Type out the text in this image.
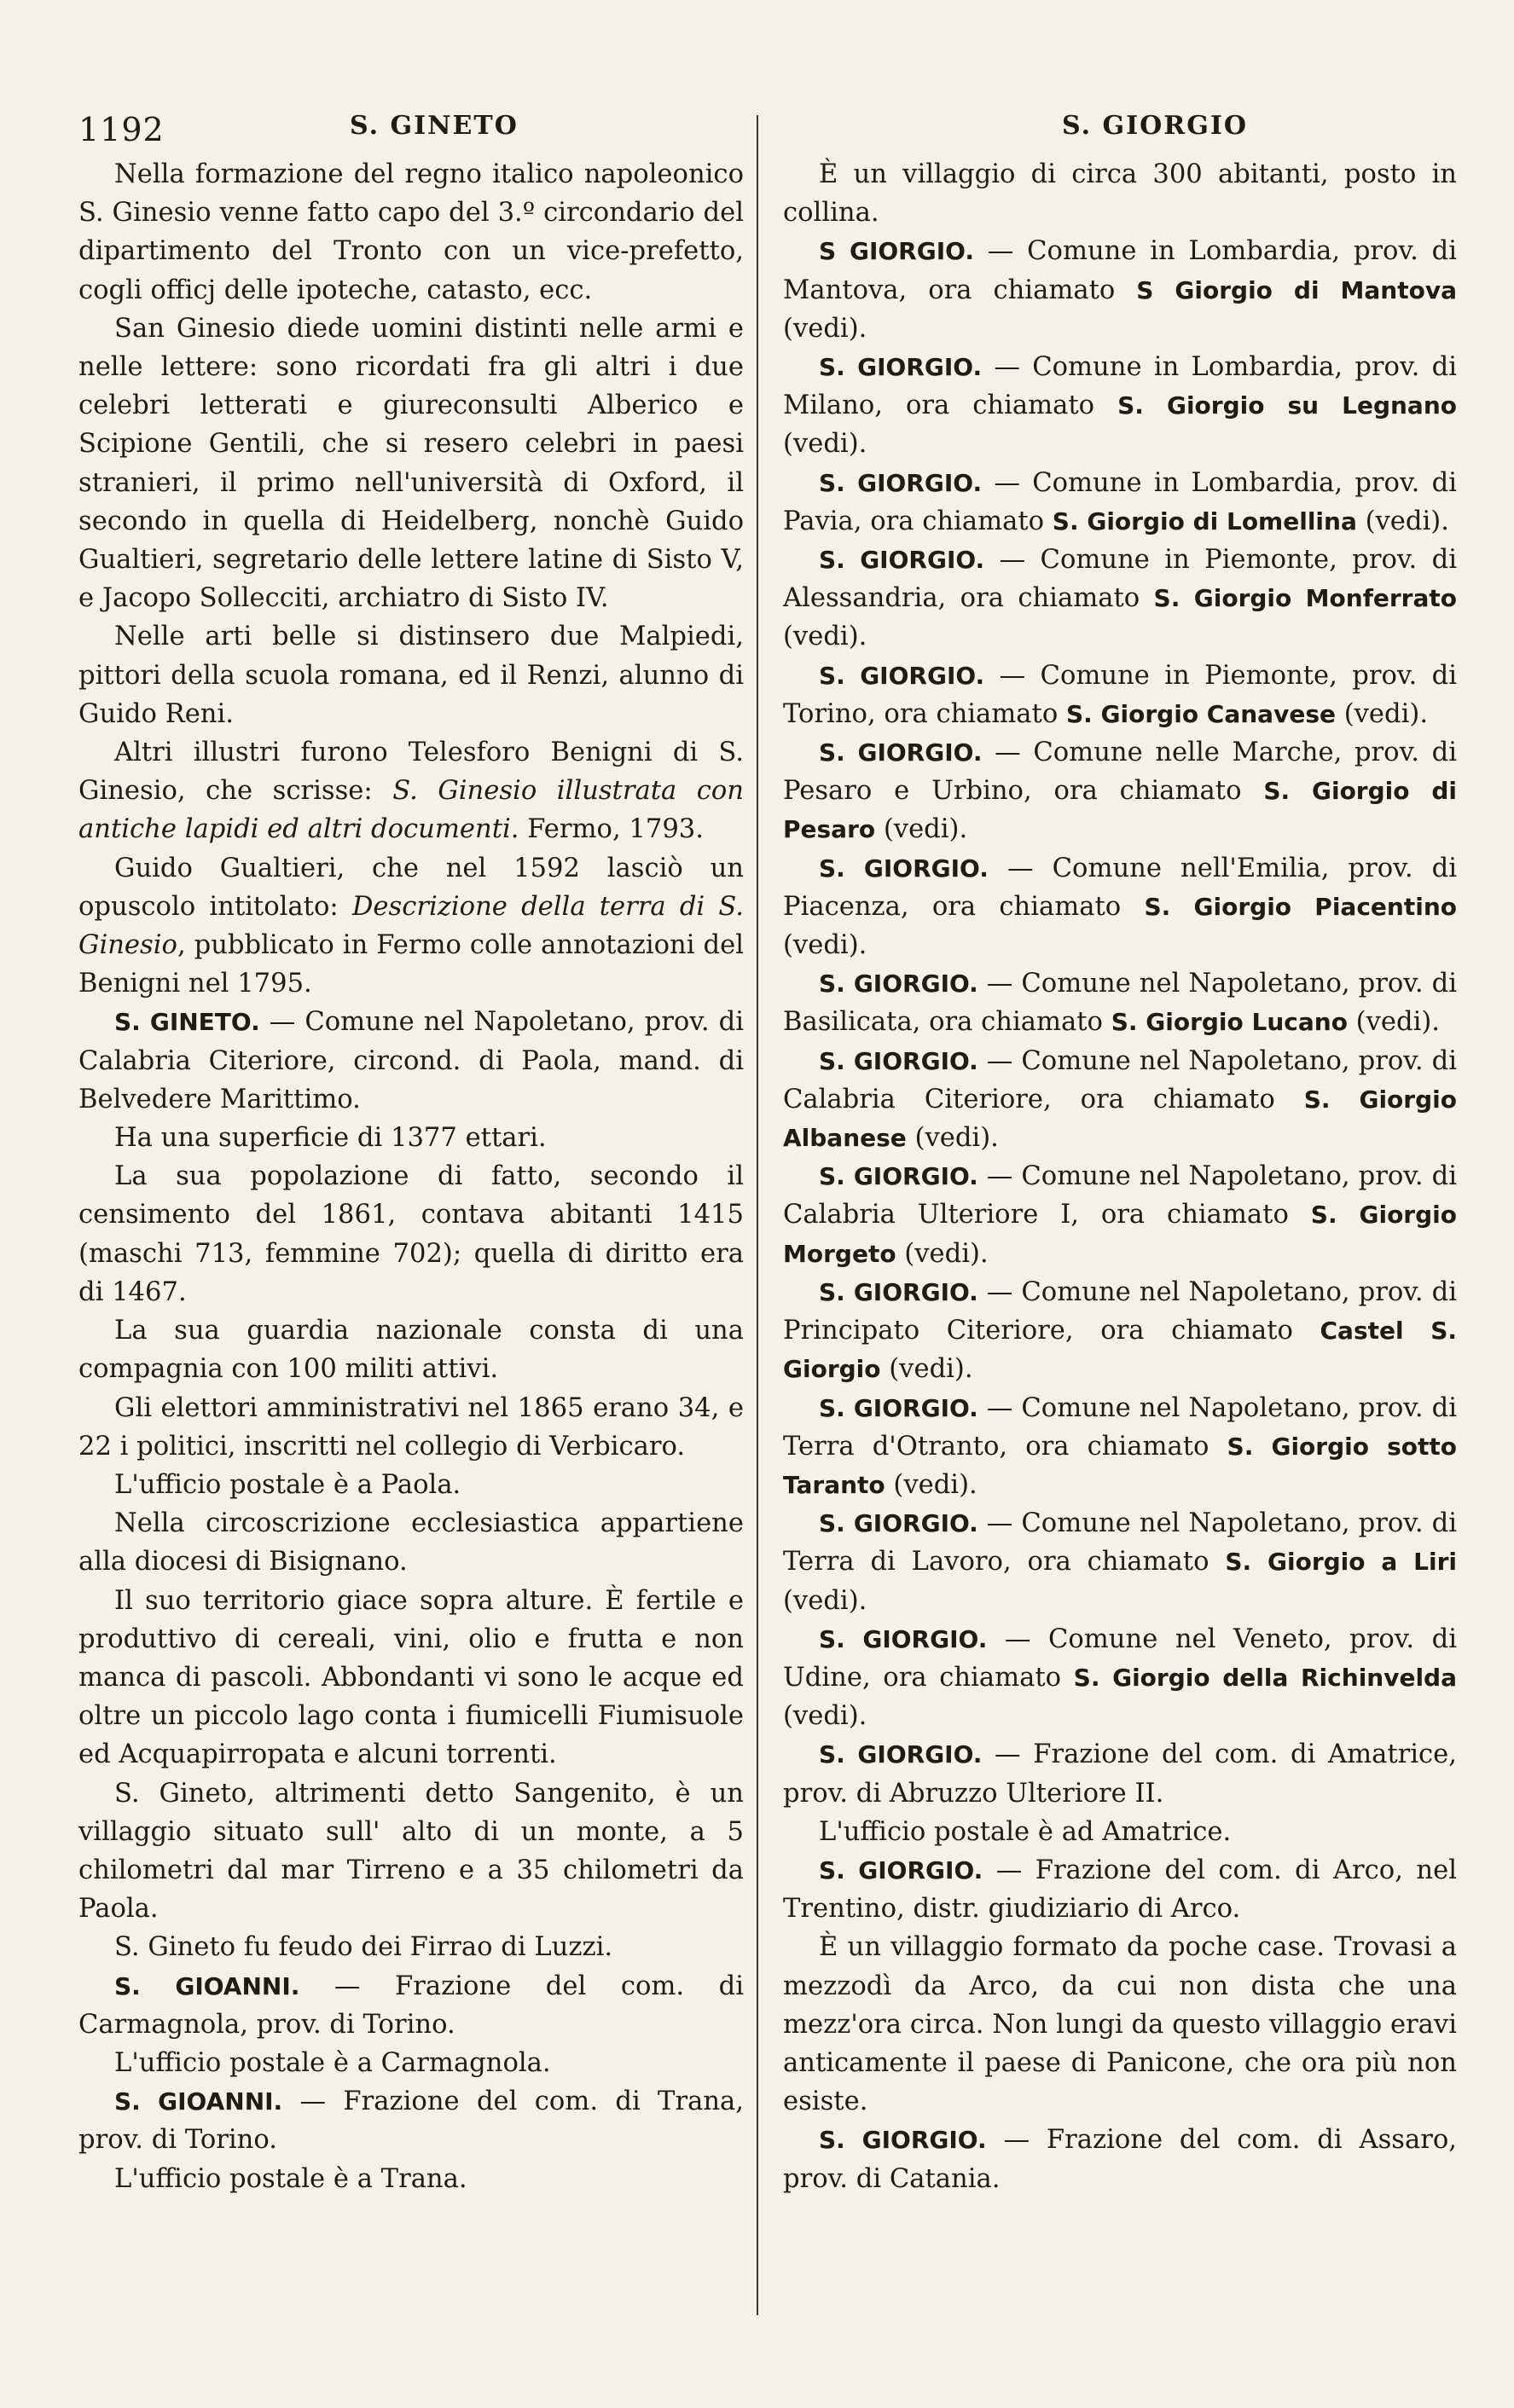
1192	S. GINETO	S. GIORGIO

Nella formazione del regno italico napoleonico S. Ginesio venne fatto capo del 3.º circondario del dipartimento del Tronto con un vice-prefetto, cogli officj delle ipoteche, catasto, ecc.

San Ginesio diede uomini distinti nelle armi e nelle lettere: sono ricordati fra gli altri i due celebri letterati e giureconsulti Alberico e Scipione Gentili, che si resero celebri in paesi stranieri, il primo nell'università di Oxford, il secondo in quella di Heidelberg, nonchè Guido Gualtieri, segretario delle lettere latine di Sisto V, e Jacopo Sollecciti, archiatro di Sisto IV.

Nelle arti belle si distinsero due Malpiedi, pittori della scuola romana, ed il Renzi, alunno di Guido Reni.

Altri illustri furono Telesforo Benigni di S. Ginesio, che scrisse: S. Ginesio illustrata con antiche lapidi ed altri documenti. Fermo, 1793.

Guido Gualtieri, che nel 1592 lasciò un opuscolo intitolato: Descrizione della terra di S. Ginesio, pubblicato in Fermo colle annotazioni del Benigni nel 1795.

S. GINETO. — Comune nel Napoletano, prov. di Calabria Citeriore, circond. di Paola, mand. di Belvedere Marittimo.

Ha una superficie di 1377 ettari.

La sua popolazione di fatto, secondo il censimento del 1861, contava abitanti 1415 (maschi 713, femmine 702); quella di diritto era di 1467.

La sua guardia nazionale consta di una compagnia con 100 militi attivi.

Gli elettori amministrativi nel 1865 erano 34, e 22 i politici, inscritti nel collegio di Verbicaro.

L'ufficio postale è a Paola.

Nella circoscrizione ecclesiastica appartiene alla diocesi di Bisignano.

Il suo territorio giace sopra alture. È fertile e produttivo di cereali, vini, olio e frutta e non manca di pascoli. Abbondanti vi sono le acque ed oltre un piccolo lago conta i fiumicelli Fiumisuole ed Acquapirropata e alcuni torrenti.

S. Gineto, altrimenti detto Sangenito, è un villaggio situato sull' alto di un monte, a 5 chilometri dal mar Tirreno e a 35 chilometri da Paola.

S. Gineto fu feudo dei Firrao di Luzzi.

S. GIOANNI. — Frazione del com. di Carmagnola, prov. di Torino.

L'ufficio postale è a Carmagnola.

S. GIOANNI. — Frazione del com. di Trana, prov. di Torino.

L'ufficio postale è a Trana.

È un villaggio di circa 300 abitanti, posto in collina.

S GIORGIO. — Comune in Lombardia, prov. di Mantova, ora chiamato S Giorgio di Mantova (vedi).

S. GIORGIO. — Comune in Lombardia, prov. di Milano, ora chiamato S. Giorgio su Legnano (vedi).

S. GIORGIO. — Comune in Lombardia, prov. di Pavia, ora chiamato S. Giorgio di Lomellina (vedi).

S. GIORGIO. — Comune in Piemonte, prov. di Alessandria, ora chiamato S. Giorgio Monferrato (vedi).

S. GIORGIO. — Comune in Piemonte, prov. di Torino, ora chiamato S. Giorgio Canavese (vedi).

S. GIORGIO. — Comune nelle Marche, prov. di Pesaro e Urbino, ora chiamato S. Giorgio di Pesaro (vedi).

S. GIORGIO. — Comune nell'Emilia, prov. di Piacenza, ora chiamato S. Giorgio Piacentino (vedi).

S. GIORGIO. — Comune nel Napoletano, prov. di Basilicata, ora chiamato S. Giorgio Lucano (vedi).

S. GIORGIO. — Comune nel Napoletano, prov. di Calabria Citeriore, ora chiamato S. Giorgio Albanese (vedi).

S. GIORGIO. — Comune nel Napoletano, prov. di Calabria Ulteriore I, ora chiamato S. Giorgio Morgeto (vedi).

S. GIORGIO. — Comune nel Napoletano, prov. di Principato Citeriore, ora chiamato Castel S. Giorgio (vedi).

S. GIORGIO. — Comune nel Napoletano, prov. di Terra d'Otranto, ora chiamato S. Giorgio sotto Taranto (vedi).

S. GIORGIO. — Comune nel Napoletano, prov. di Terra di Lavoro, ora chiamato S. Giorgio a Liri (vedi).

S. GIORGIO. — Comune nel Veneto, prov. di Udine, ora chiamato S. Giorgio della Richinvelda (vedi).

S. GIORGIO. — Frazione del com. di Amatrice, prov. di Abruzzo Ulteriore II.

L'ufficio postale è ad Amatrice.

S. GIORGIO. — Frazione del com. di Arco, nel Trentino, distr. giudiziario di Arco.

È un villaggio formato da poche case. Trovasi a mezzodì da Arco, da cui non dista che una mezz'ora circa. Non lungi da questo villaggio eravi anticamente il paese di Panicone, che ora più non esiste.

S. GIORGIO. — Frazione del com. di Assaro, prov. di Catania.
